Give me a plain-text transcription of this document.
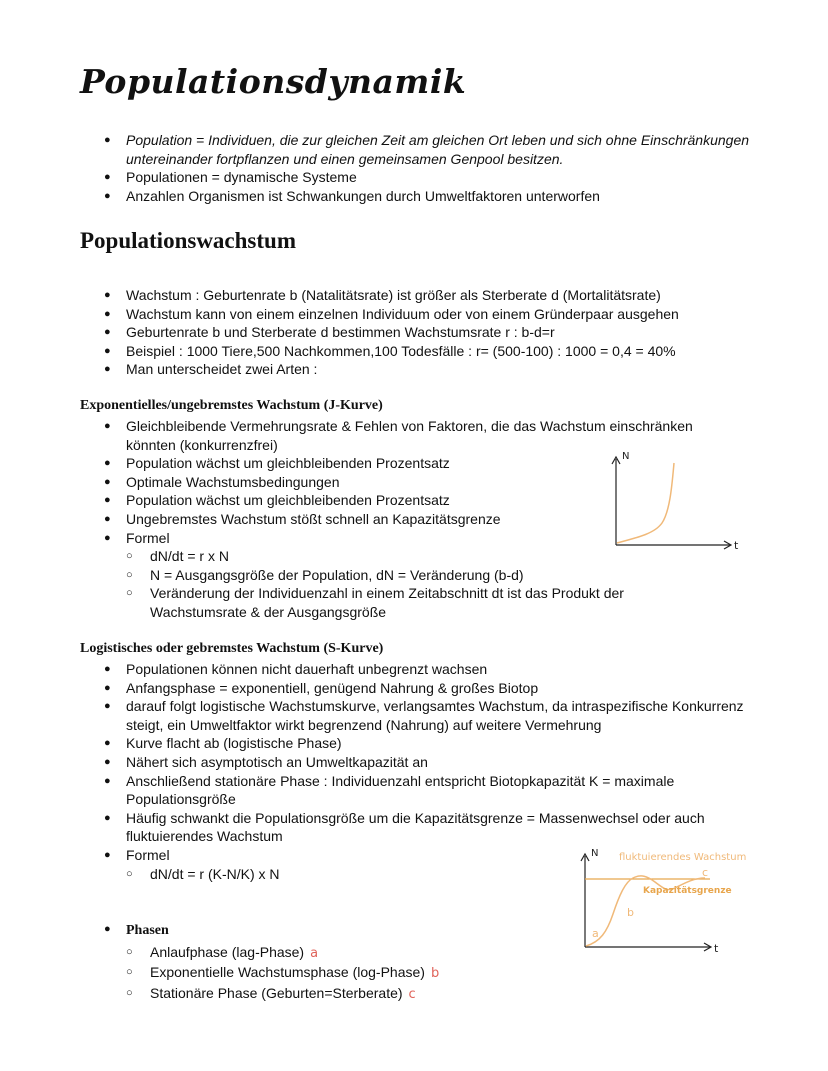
Populationsdynamik
● Population = Individuen, die zur gleichen Zeit am gleichen Ort leben und sich ohne Einschränkungen untereinander fortpflanzen und einen gemeinsamen Genpool besitzen.
● Populationen = dynamische Systeme
● Anzahlen Organismen ist Schwankungen durch Umweltfaktoren unterworfen
Populationswachstum
● Wachstum : Geburtenrate b (Natalitätsrate) ist größer als Sterberate d (Mortalitätsrate)
● Wachstum kann von einem einzelnen Individuum oder von einem Gründerpaar ausgehen
● Geburtenrate b und Sterberate d bestimmen Wachstumsrate r : b-d=r
● Beispiel : 1000 Tiere,500 Nachkommen,100 Todesfälle : r= (500-100) : 1000 = 0,4 = 40%
● Man unterscheidet zwei Arten :
Exponentielles/ungebremstes Wachstum (J-Kurve)
● Gleichbleibende Vermehrungsrate & Fehlen von Faktoren, die das Wachstum einschränken könnten (konkurrenzfrei)
● Population wächst um gleichbleibenden Prozentsatz
● Optimale Wachstumsbedingungen
● Population wächst um gleichbleibenden Prozentsatz
● Ungebremstes Wachstum stößt schnell an Kapazitätsgrenze
● Formel
○ dN/dt = r x N
○ N = Ausgangsgröße der Population, dN = Veränderung (b-d)
○ Veränderung der Individuenzahl in einem Zeitabschnitt dt ist das Produkt der Wachstumsrate & der Ausgangsgröße
N
t
Logistisches oder gebremstes Wachstum (S-Kurve)
● Populationen können nicht dauerhaft unbegrenzt wachsen
● Anfangsphase = exponentiell, genügend Nahrung & großes Biotop
● darauf folgt logistische Wachstumskurve, verlangsamtes Wachstum, da intraspezifische Konkurrenz steigt, ein Umweltfaktor wirkt begrenzend (Nahrung) auf weitere Vermehrung
● Kurve flacht ab (logistische Phase)
● Nähert sich asymptotisch an Umweltkapazität an
● Anschließend stationäre Phase : Individuenzahl entspricht Biotopkapazität K = maximale Populationsgröße
● Häufig schwankt die Populationsgröße um die Kapazitätsgrenze = Massenwechsel oder auch fluktuierendes Wachstum
● Formel
○ dN/dt = r (K-N/K) x N
● Phasen
○ Anlaufphase (lag-Phase) a
○ Exponentielle Wachstumsphase (log-Phase) b
○ Stationäre Phase (Geburten=Sterberate) c
N
t
fluktuierendes Wachstum
Kapazitätsgrenze
a
b
c
